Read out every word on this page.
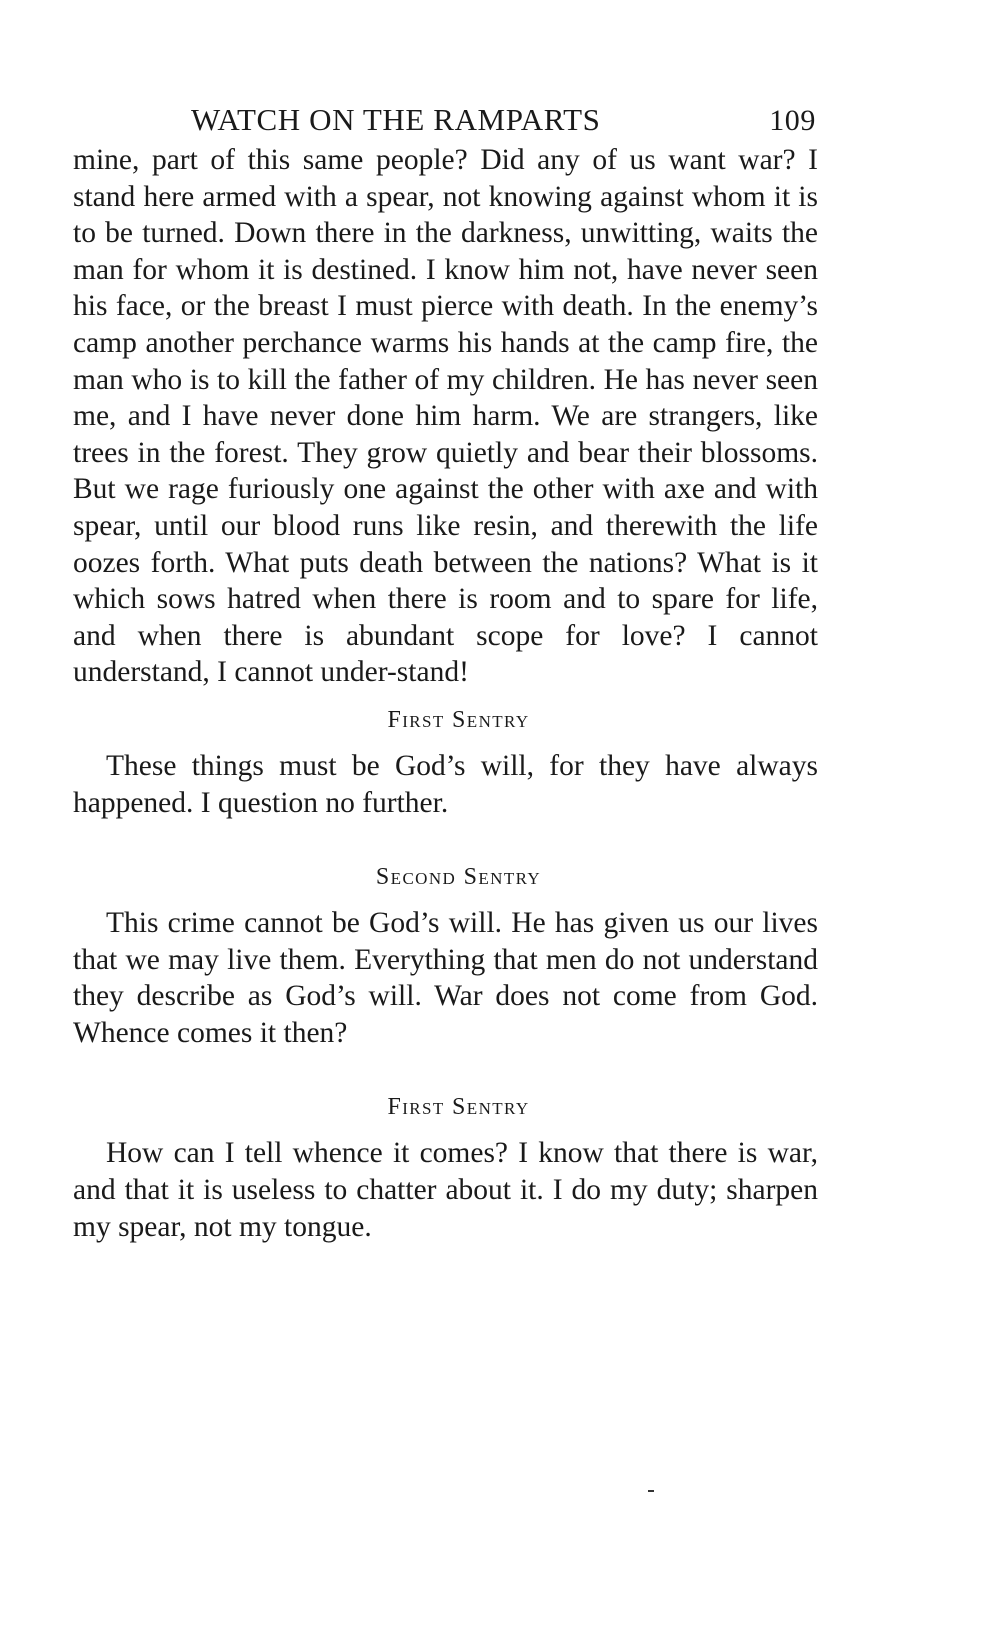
WATCH ON THE RAMPARTS	109

mine, part of this same people? Did any of us want war? I stand here armed with a spear, not knowing against whom it is to be turned. Down there in the darkness, unwitting, waits the man for whom it is destined. I know him not, have never seen his face, or the breast I must pierce with death. In the enemy’s camp another perchance warms his hands at the camp fire, the man who is to kill the father of my children. He has never seen me, and I have never done him harm. We are strangers, like trees in the forest. They grow quietly and bear their blossoms. But we rage furiously one against the other with axe and with spear, until our blood runs like resin, and therewith the life oozes forth. What puts death between the nations? What is it which sows hatred when there is room and to spare for life, and when there is abundant scope for love? I cannot understand, I cannot under-stand!

First Sentry

These things must be God’s will, for they have always happened. I question no further.

Second Sentry

This crime cannot be God’s will. He has given us our lives that we may live them. Everything that men do not understand they describe as God’s will. War does not come from God. Whence comes it then?

First Sentry

How can I tell whence it comes? I know that there is war, and that it is useless to chatter about it. I do my duty; sharpen my spear, not my tongue.
